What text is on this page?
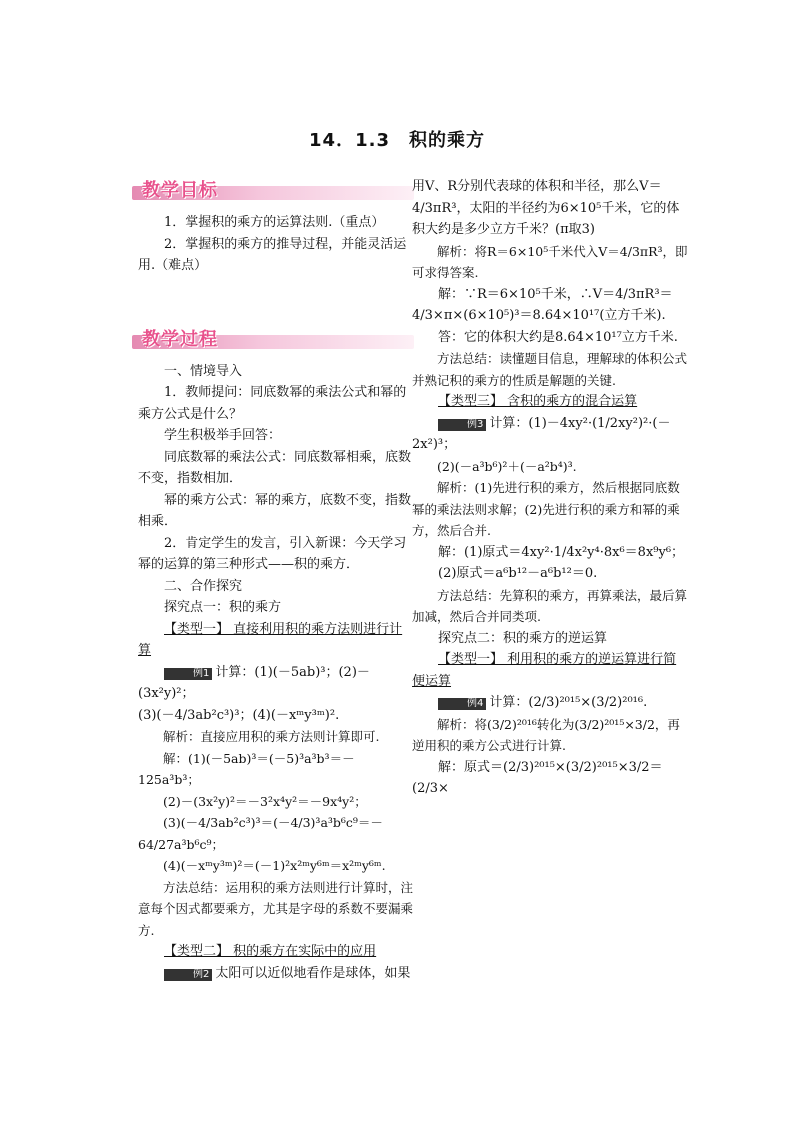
14．1.3　积的乘方
教学目标

1．掌握积的乘方的运算法则.（重点）

2．掌握积的乘方的推导过程，并能灵活运用.（难点）

教学过程

一、情境导入

1．教师提问：同底数幂的乘法公式和幂的乘方公式是什么？

学生积极举手回答：

同底数幂的乘法公式：同底数幂相乘，底数不变，指数相加．

幂的乘方公式：幂的乘方，底数不变，指数相乘．

2．肯定学生的发言，引入新课：今天学习幂的运算的第三种形式——积的乘方．

二、合作探究

探究点一：积的乘方

【类型一】 直接利用积的乘方法则进行计算

例1 计算：(1)(－5ab)³；(2)－(3x²y)²；

(3)(－4/3ab²c³)³；(4)(－xᵐy³ᵐ)².

解析：直接应用积的乘方法则计算即可.

解：(1)(－5ab)³＝(－5)³a³b³＝－125a³b³；

(2)－(3x²y)²＝－3²x⁴y²＝－9x⁴y²；

(3)(－4/3ab²c³)³＝(－4/3)³a³b⁶c⁹＝－64/27a³b⁶c⁹；

(4)(－xᵐy³ᵐ)²＝(－1)²x²ᵐy⁶ᵐ＝x²ᵐy⁶ᵐ.

方法总结：运用积的乘方法则进行计算时，注意每个因式都要乘方，尤其是字母的系数不要漏乘方.

【类型二】 积的乘方在实际中的应用

例2 太阳可以近似地看作是球体，如果

用V、R分别代表球的体积和半径，那么V＝4/3πR³，太阳的半径约为6×10⁵千米，它的体积大约是多少立方千米？(π取3)

解析：将R＝6×10⁵千米代入V＝4/3πR³，即可求得答案.

解：∵R＝6×10⁵千米，∴V＝4/3πR³＝4/3×π×(6×10⁵)³＝8.64×10¹⁷(立方千米).

答：它的体积大约是8.64×10¹⁷立方千米.

方法总结：读懂题目信息，理解球的体积公式并熟记积的乘方的性质是解题的关键.

【类型三】 含积的乘方的混合运算

例3 计算：(1)－4xy²·(1/2xy²)²·(－2x²)³；

(2)(－a³b⁶)²＋(－a²b⁴)³.

解析：(1)先进行积的乘方，然后根据同底数幂的乘法法则求解；(2)先进行积的乘方和幂的乘方，然后合并.

解：(1)原式＝4xy²·1/4x²y⁴·8x⁶＝8x⁹y⁶；

(2)原式＝a⁶b¹²－a⁶b¹²＝0.

方法总结：先算积的乘方，再算乘法，最后算加减，然后合并同类项.

探究点二：积的乘方的逆运算

【类型一】 利用积的乘方的逆运算进行简便运算

例4 计算：(2/3)²⁰¹⁵×(3/2)²⁰¹⁶.

解析：将(3/2)²⁰¹⁶转化为(3/2)²⁰¹⁵×3/2，再逆用积的乘方公式进行计算.

解：原式＝(2/3)²⁰¹⁵×(3/2)²⁰¹⁵×3/2＝(2/3×
